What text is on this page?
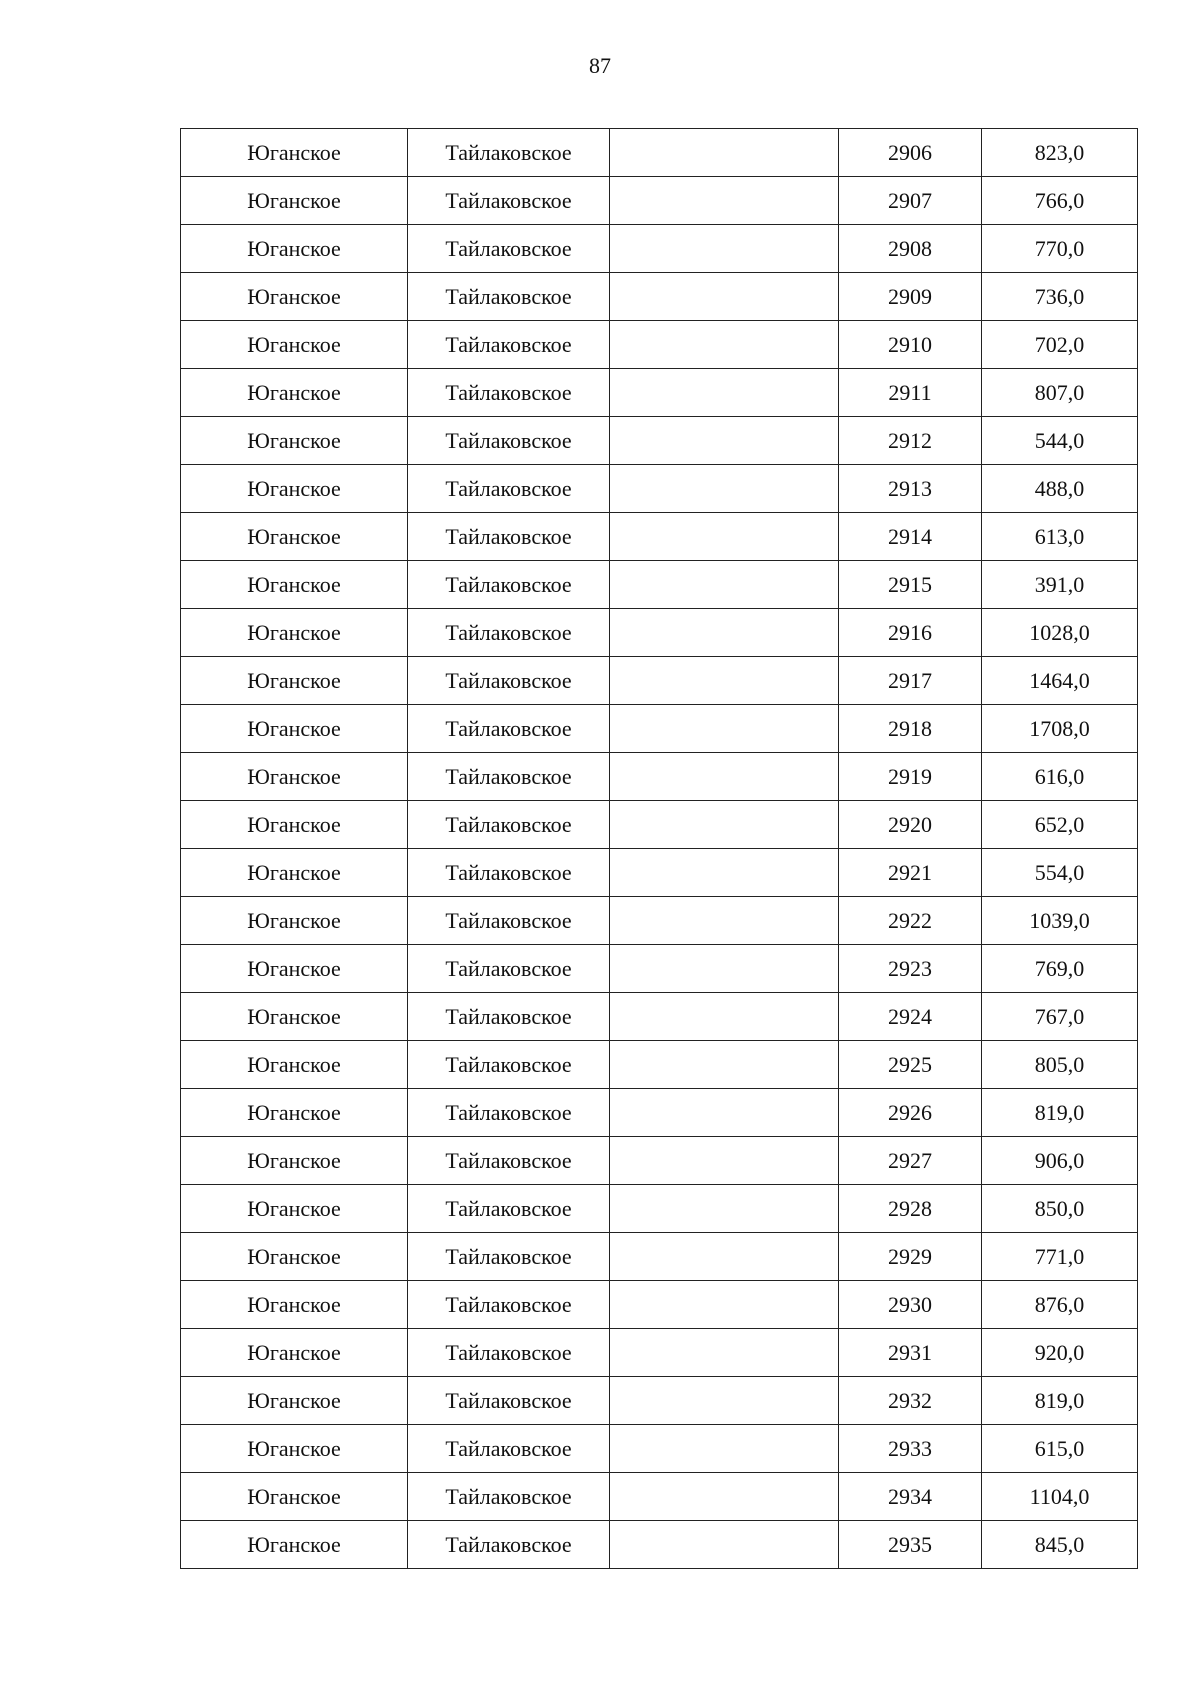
87
Юганское	Тайлаковское		2906	823,0
Юганское	Тайлаковское		2907	766,0
Юганское	Тайлаковское		2908	770,0
Юганское	Тайлаковское		2909	736,0
Юганское	Тайлаковское		2910	702,0
Юганское	Тайлаковское		2911	807,0
Юганское	Тайлаковское		2912	544,0
Юганское	Тайлаковское		2913	488,0
Юганское	Тайлаковское		2914	613,0
Юганское	Тайлаковское		2915	391,0
Юганское	Тайлаковское		2916	1028,0
Юганское	Тайлаковское		2917	1464,0
Юганское	Тайлаковское		2918	1708,0
Юганское	Тайлаковское		2919	616,0
Юганское	Тайлаковское		2920	652,0
Юганское	Тайлаковское		2921	554,0
Юганское	Тайлаковское		2922	1039,0
Юганское	Тайлаковское		2923	769,0
Юганское	Тайлаковское		2924	767,0
Юганское	Тайлаковское		2925	805,0
Юганское	Тайлаковское		2926	819,0
Юганское	Тайлаковское		2927	906,0
Юганское	Тайлаковское		2928	850,0
Юганское	Тайлаковское		2929	771,0
Юганское	Тайлаковское		2930	876,0
Юганское	Тайлаковское		2931	920,0
Юганское	Тайлаковское		2932	819,0
Юганское	Тайлаковское		2933	615,0
Юганское	Тайлаковское		2934	1104,0
Юганское	Тайлаковское		2935	845,0
